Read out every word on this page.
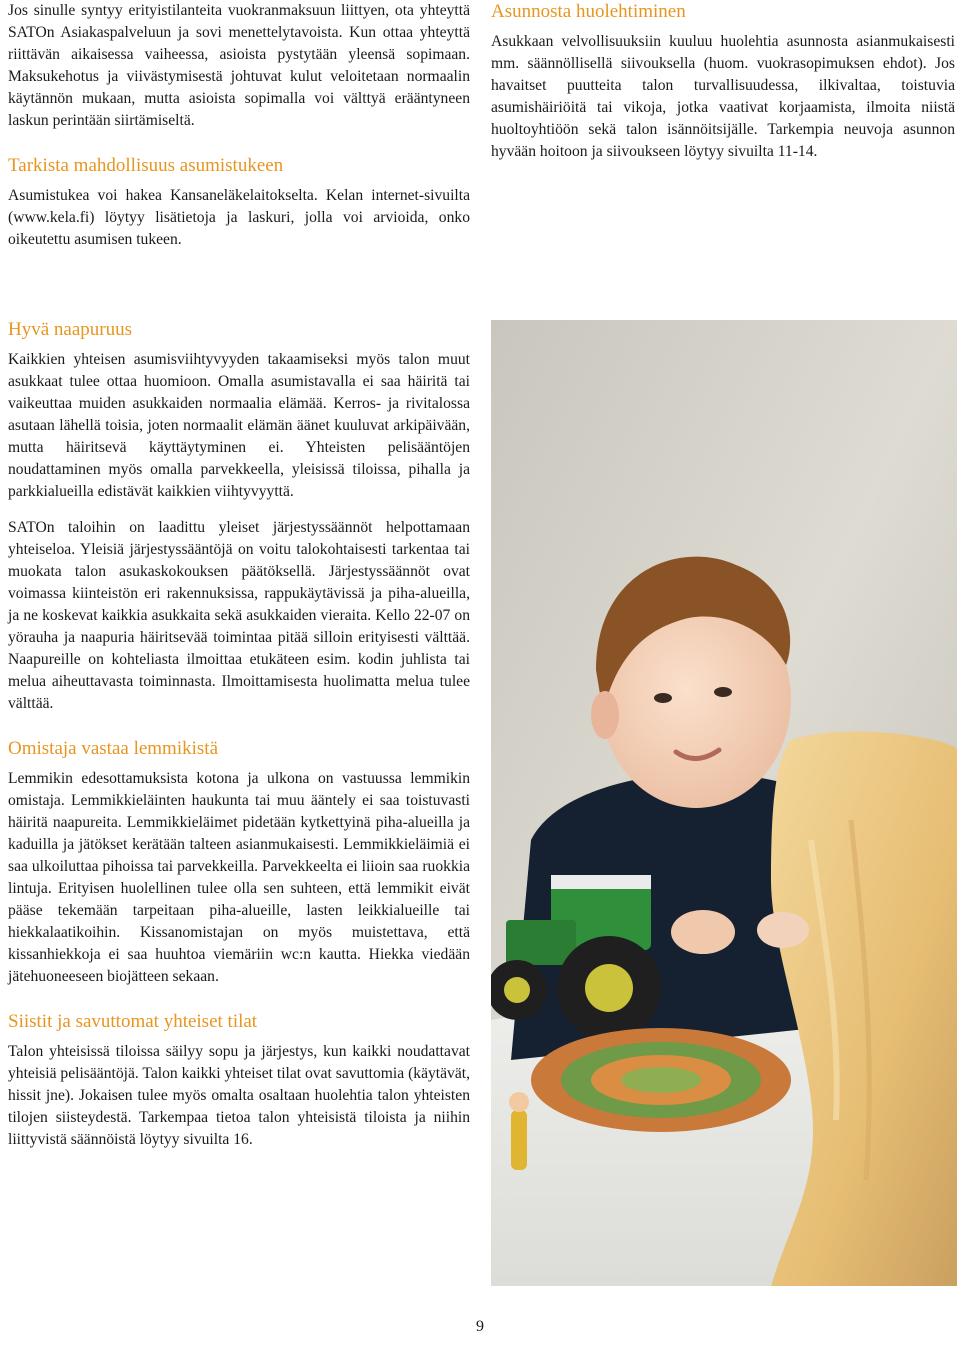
Jos sinulle syntyy erityistilanteita vuokranmaksuun liittyen, ota yhteyttä SATOn Asiakaspalveluun ja sovi menettelytavoista. Kun ottaa yhteyttä riittävän aikaisessa vaiheessa, asioista pystytään yleensä sopimaan. Maksukehotus ja viivästymisestä johtuvat kulut veloitetaan normaalin käytännön mukaan, mutta asioista sopimalla voi välttyä erääntyneen laskun perintään siirtämiseltä.

Tarkista mahdollisuus asumistukeen

Asumistukea voi hakea Kansaneläkelaitokselta. Kelan internet-sivuilta (www.kela.fi) löytyy lisätietoja ja laskuri, jolla voi arvioida, onko oikeutettu asumisen tukeen.

Asunnosta huolehtiminen

Asukkaan velvollisuuksiin kuuluu huolehtia asunnosta asianmukaisesti mm. säännöllisellä siivouksella (huom. vuokrasopimuksen ehdot). Jos havaitset puutteita talon turvallisuudessa, ilkivaltaa, toistuvia asumishäiriöitä tai vikoja, jotka vaativat korjaamista, ilmoita niistä huoltoyhtiöön sekä talon isännöitsijälle. Tarkempia neuvoja asunnon hyvään hoitoon ja siivoukseen löytyy sivuilta 11-14.

Hyvä naapuruus

Kaikkien yhteisen asumisviihtyvyyden takaamiseksi myös talon muut asukkaat tulee ottaa huomioon. Omalla asumistavalla ei saa häiritä tai vaikeuttaa muiden asukkaiden normaalia elämää. Kerros- ja rivitalossa asutaan lähellä toisia, joten normaalit elämän äänet kuuluvat arkipäivään, mutta häiritsevä käyttäytyminen ei. Yhteisten pelisääntöjen noudattaminen myös omalla parvekkeella, yleisissä tiloissa, pihalla ja parkkialueilla edistävät kaikkien viihtyvyyttä.

SATOn taloihin on laadittu yleiset järjestyssäännöt helpottamaan yhteiseloa. Yleisiä järjestyssääntöjä on voitu talokohtaisesti tarkentaa tai muokata talon asukaskokouksen päätöksellä. Järjestyssäännöt ovat voimassa kiinteistön eri rakennuksissa, rappukäytävissä ja piha-alueilla, ja ne koskevat kaikkia asukkaita sekä asukkaiden vieraita. Kello 22-07 on yörauha ja naapuria häiritsevää toimintaa pitää silloin erityisesti välttää. Naapureille on kohteliasta ilmoittaa etukäteen esim. kodin juhlista tai melua aiheuttavasta toiminnasta. Ilmoittamisesta huolimatta melua tulee välttää.

Omistaja vastaa lemmikistä

Lemmikin edesottamuksista kotona ja ulkona on vastuussa lemmikin omistaja. Lemmikkieläinten haukunta tai muu ääntely ei saa toistuvasti häiritä naapureita. Lemmikkieläimet pidetään kytkettyinä piha-alueilla ja kaduilla ja jätökset kerätään talteen asianmukaisesti. Lemmikkieläimiä ei saa ulkoiluttaa pihoissa tai parvekkeilla. Parvekkeelta ei liioin saa ruokkia lintuja. Erityisen huolellinen tulee olla sen suhteen, että lemmikit eivät pääse tekemään tarpeitaan piha-alueille, lasten leikkialueille tai hiekkalaatikoihin. Kissanomistajan on myös muistettava, että kissanhiekkoja ei saa huuhtoa viemäriin wc:n kautta. Hiekka viedään jätehuoneeseen biojätteen sekaan.

Siistit ja savuttomat yhteiset tilat

Talon yhteisissä tiloissa säilyy sopu ja järjestys, kun kaikki noudattavat yhteisiä pelisääntöjä. Talon kaikki yhteiset tilat ovat savuttomia (käytävät, hissit jne). Jokaisen tulee myös omalta osaltaan huolehtia talon yhteisten tilojen siisteydestä. Tarkempaa tietoa talon yhteisistä tiloista ja niihin liittyvistä säännöistä löytyy sivuilta 16.

9
